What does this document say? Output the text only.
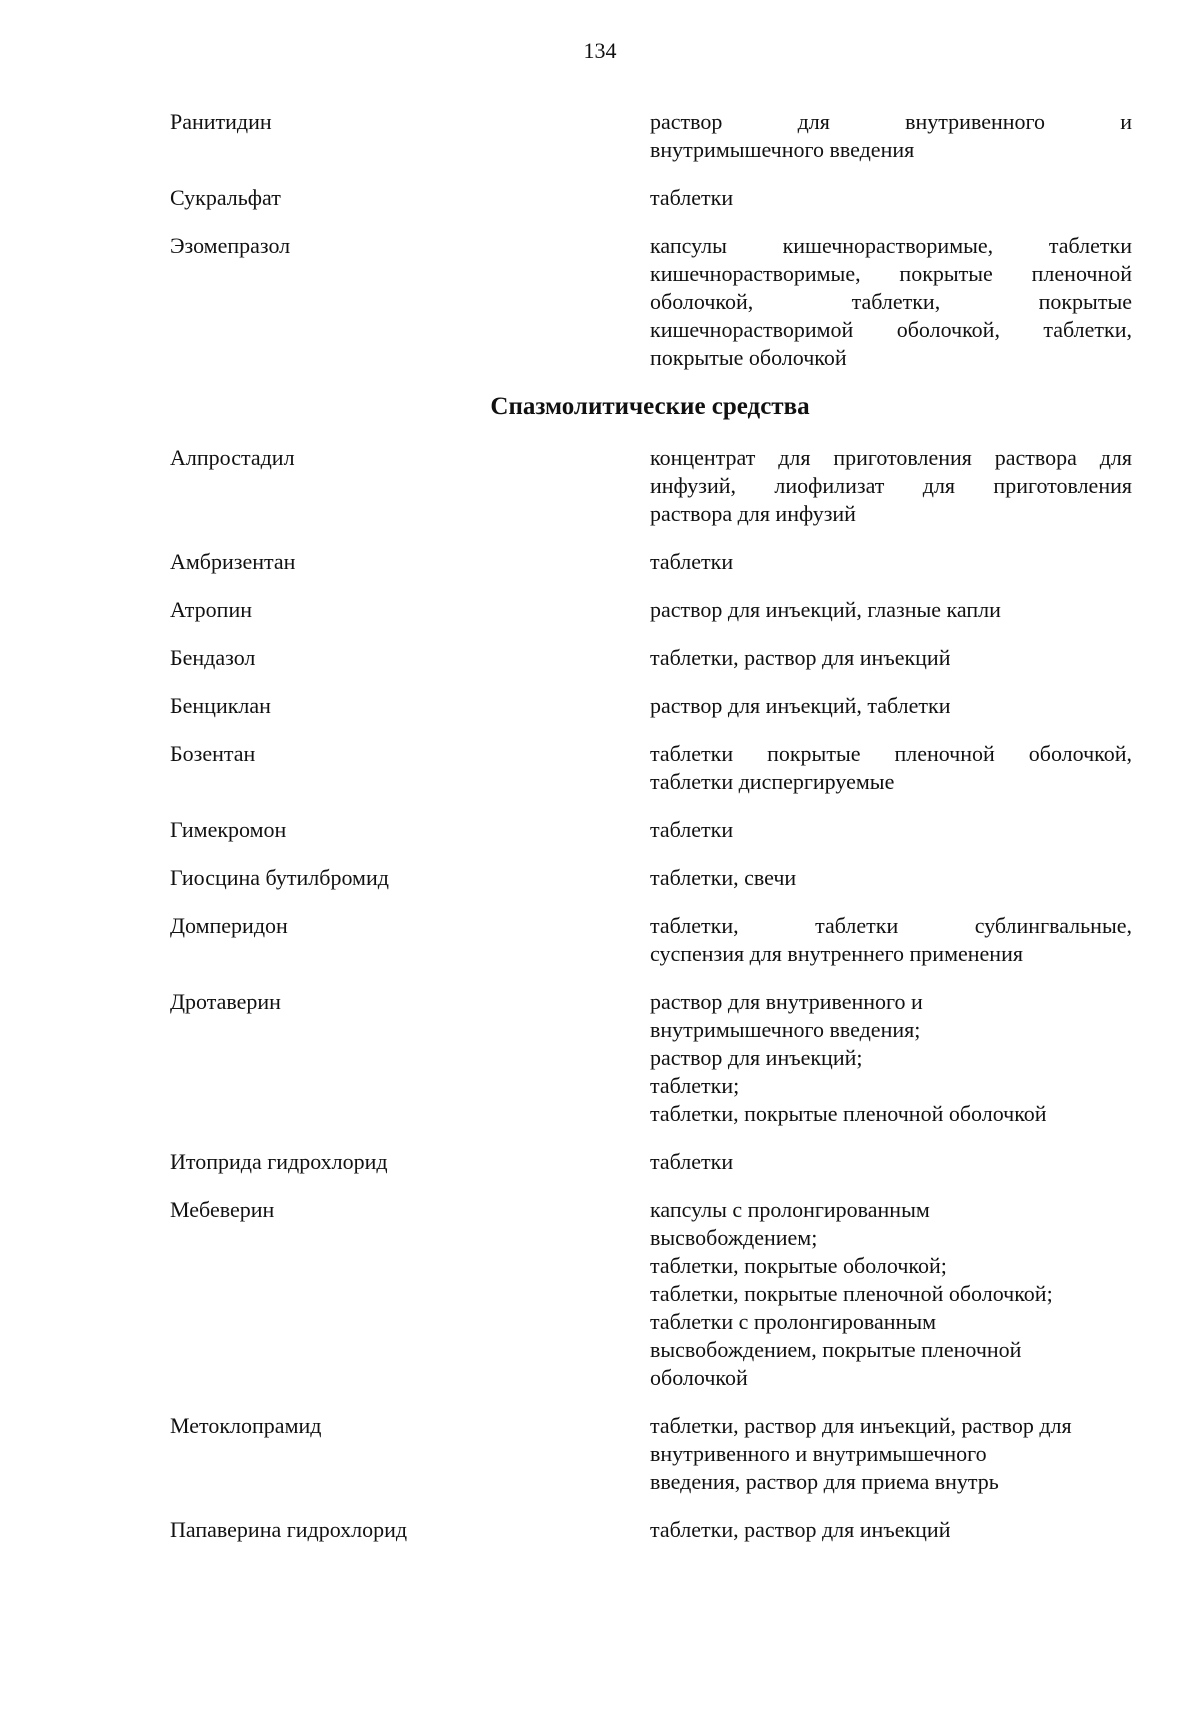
134
Ранитидин	раствор для внутривенного и
внутримышечного введения
Сукральфат	таблетки
Эзомепразол	капсулы кишечнорастворимые, таблетки
кишечнорастворимые, покрытые пленочной
оболочкой, таблетки, покрытые
кишечнорастворимой оболочкой, таблетки,
покрытые оболочкой
Спазмолитические средства
Алпростадил	концентрат для приготовления раствора для
инфузий, лиофилизат для приготовления
раствора для инфузий
Амбризентан	таблетки
Атропин	раствор для инъекций, глазные капли
Бендазол	таблетки, раствор для инъекций
Бенциклан	раствор для инъекций, таблетки
Бозентан	таблетки покрытые пленочной оболочкой,
таблетки диспергируемые
Гимекромон	таблетки
Гиосцина бутилбромид	таблетки, свечи
Домперидон	таблетки, таблетки сублингвальные,
суспензия для внутреннего применения
Дротаверин	раствор для внутривенного и
внутримышечного введения;
раствор для инъекций;
таблетки;
таблетки, покрытые пленочной оболочкой
Итоприда гидрохлорид	таблетки
Мебеверин	капсулы с пролонгированным
высвобождением;
таблетки, покрытые оболочкой;
таблетки, покрытые пленочной оболочкой;
таблетки с пролонгированным
высвобождением, покрытые пленочной
оболочкой
Метоклопрамид	таблетки, раствор для инъекций, раствор для
внутривенного и внутримышечного
введения, раствор для приема внутрь
Папаверина гидрохлорид	таблетки, раствор для инъекций
